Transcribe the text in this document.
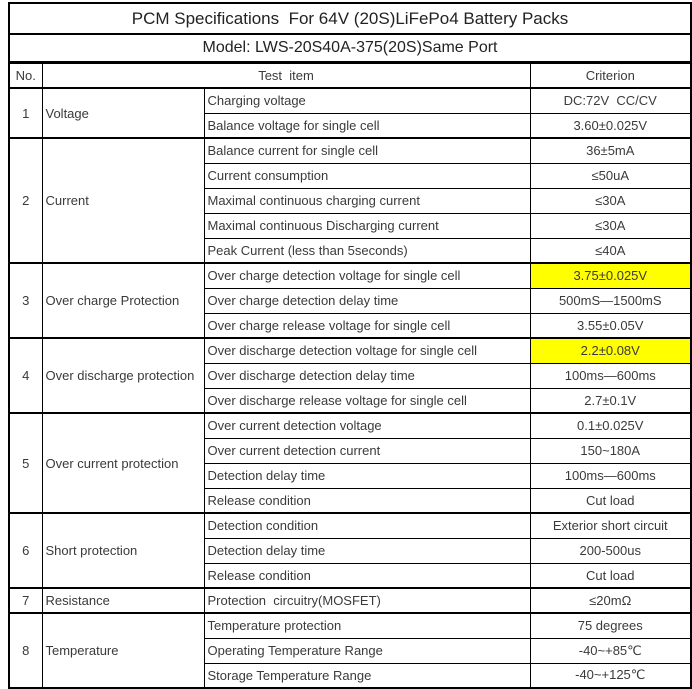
PCM Specifications  For 64V (20S)LiFePo4 Battery Packs			
Model: LWS-20S40A-375(20S)Same Port			
No.	Test  item		Criterion
1	Voltage	Charging voltage	DC:72V  CC/CV
		Balance voltage for single cell	3.60±0.025V
2	Current	Balance current for single cell	36±5mA
		Current consumption	≤50uA
		Maximal continuous charging current	≤30A
		Maximal continuous Discharging current	≤30A
		Peak Current (less than 5seconds)	≤40A
3	Over charge Protection	Over charge detection voltage for single cell	3.75±0.025V
		Over charge detection delay time	500mS—1500mS
		Over charge release voltage for single cell	3.55±0.05V
4	Over discharge protection	Over discharge detection voltage for single cell	2.2±0.08V
		Over discharge detection delay time	100ms—600ms
		Over discharge release voltage for single cell	2.7±0.1V
5	Over current protection	Over current detection voltage	0.1±0.025V
		Over current detection current	150~180A
		Detection delay time	100ms—600ms
		Release condition	Cut load
6	Short protection	Detection condition	Exterior short circuit
		Detection delay time	200-500us
		Release condition	Cut load
7	Resistance	Protection  circuitry(MOSFET)	≤20mΩ
8	Temperature	Temperature protection	75 degrees
		Operating Temperature Range	-40~+85℃
		Storage Temperature Range	-40~+125℃
